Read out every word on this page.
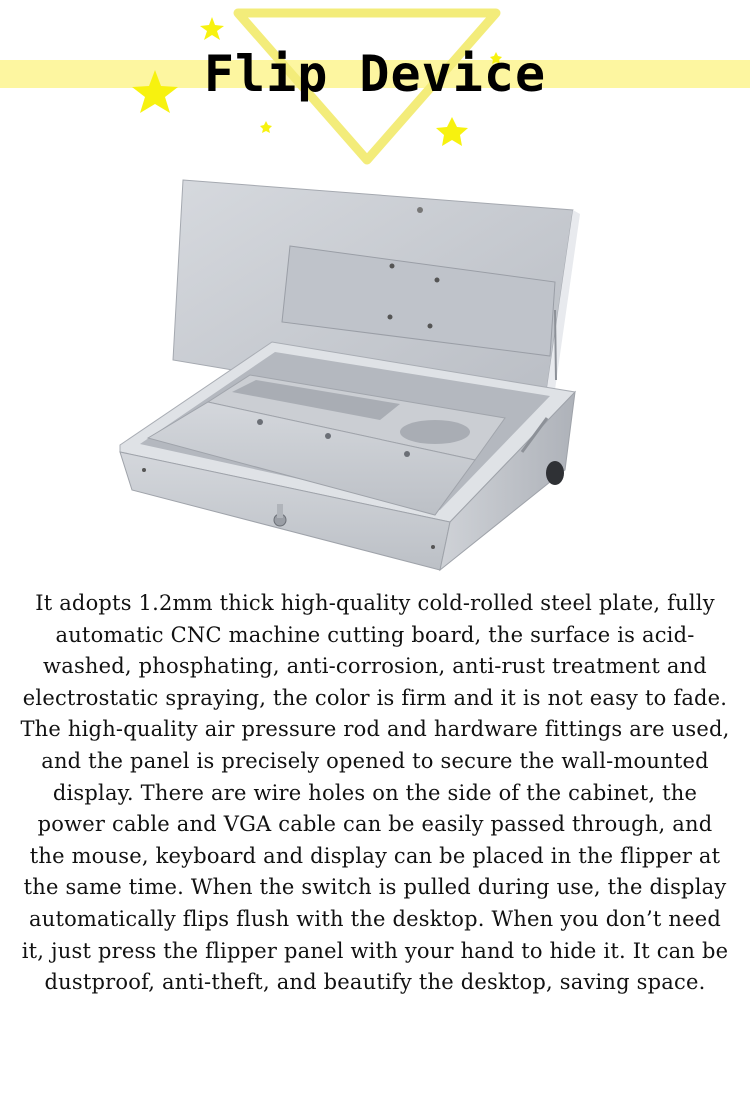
Flip Device

It adopts 1.2mm thick high-quality cold-rolled steel plate, fully automatic CNC machine cutting board, the surface is acid-washed, phosphating, anti-corrosion, anti-rust treatment and electrostatic spraying, the color is firm and it is not easy to fade. The high-quality air pressure rod and hardware fittings are used, and the panel is precisely opened to secure the wall-mounted display. There are wire holes on the side of the cabinet, the power cable and VGA cable can be easily passed through, and the mouse, keyboard and display can be placed in the flipper at the same time. When the switch is pulled during use, the display automatically flips flush with the desktop. When you don’t need it, just press the flipper panel with your hand to hide it. It can be dustproof, anti-theft, and beautify the desktop, saving space.
